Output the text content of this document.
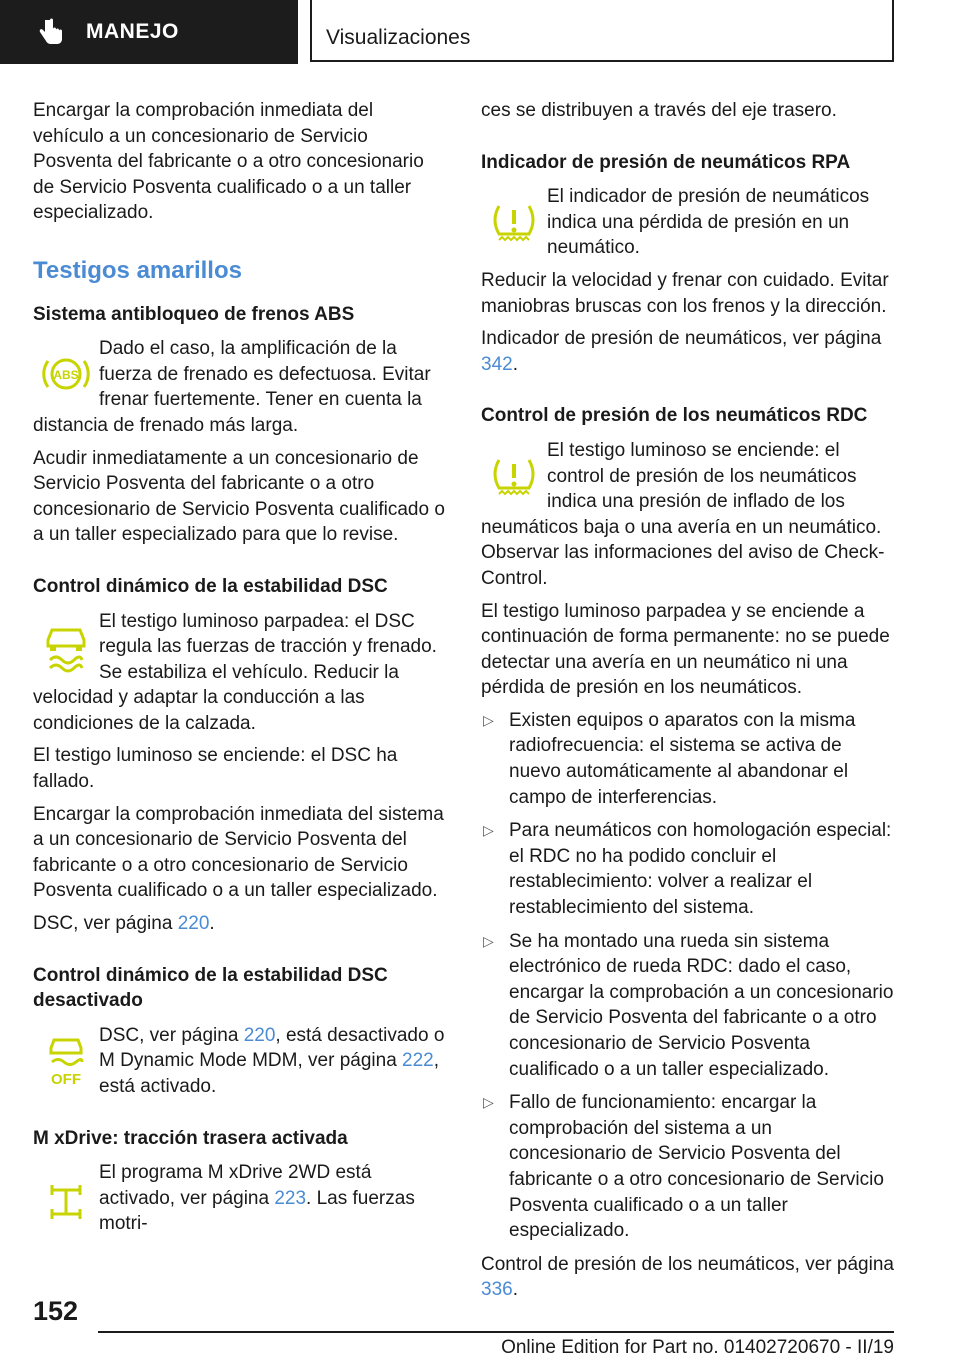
MANEJO	Visualizaciones

Encargar la comprobación inmediata del vehículo a un concesionario de Servicio Posventa del fabricante o a otro concesionario de Servicio Posventa cualificado o a un taller especializado.

Testigos amarillos
Sistema antibloqueo de frenos ABS
ABS
Dado el caso, la amplificación de la fuerza de frenado es defectuosa. Evitar frenar fuertemente. Tener en cuenta la distancia de frenado más larga.

Acudir inmediatamente a un concesionario de Servicio Posventa del fabricante o a otro concesionario de Servicio Posventa cualificado o a un taller especializado para que lo revise.

Control dinámico de la estabilidad DSC
El testigo luminoso parpadea: el DSC regula las fuerzas de tracción y frenado. Se estabiliza el vehículo. Reducir la velocidad y adaptar la conducción a las condiciones de la calzada.

El testigo luminoso se enciende: el DSC ha fallado.

Encargar la comprobación inmediata del sistema a un concesionario de Servicio Posventa del fabricante o a otro concesionario de Servicio Posventa cualificado o a un taller especializado.

DSC, ver página 220.

Control dinámico de la estabilidad DSC desactivado
OFF
DSC, ver página 220, está desactivado o M Dynamic Mode MDM, ver página 222, está activado.
M xDrive: tracción trasera activada
El programa M xDrive 2WD está activado, ver página 223. Las fuerzas motri-

ces se distribuyen a través del eje trasero.

Indicador de presión de neumáticos RPA
El indicador de presión de neumáticos indica una pérdida de presión en un neumático.

Reducir la velocidad y frenar con cuidado. Evitar maniobras bruscas con los frenos y la dirección.

Indicador de presión de neumáticos, ver página 342.

Control de presión de los neumáticos RDC
El testigo luminoso se enciende: el control de presión de los neumáticos indica una presión de inflado de los neumáticos baja o una avería en un neumático. Observar las informaciones del aviso de Check-Control.

El testigo luminoso parpadea y se enciende a continuación de forma permanente: no se puede detectar una avería en un neumático ni una pérdida de presión en los neumáticos.

▷ Existen equipos o aparatos con la misma radiofrecuencia: el sistema se activa de nuevo automáticamente al abandonar el campo de interferencias.
▷ Para neumáticos con homologación especial: el RDC no ha podido concluir el restablecimiento: volver a realizar el restablecimiento del sistema.
▷ Se ha montado una rueda sin sistema electrónico de rueda RDC: dado el caso, encargar la comprobación a un concesionario de Servicio Posventa del fabricante o a otro concesionario de Servicio Posventa cualificado o a un taller especializado.
▷ Fallo de funcionamiento: encargar la comprobación del sistema a un concesionario de Servicio Posventa del fabricante o a otro concesionario de Servicio Posventa cualificado o a un taller especializado.

Control de presión de los neumáticos, ver página 336.

152
Online Edition for Part no. 01402720670 - II/19
